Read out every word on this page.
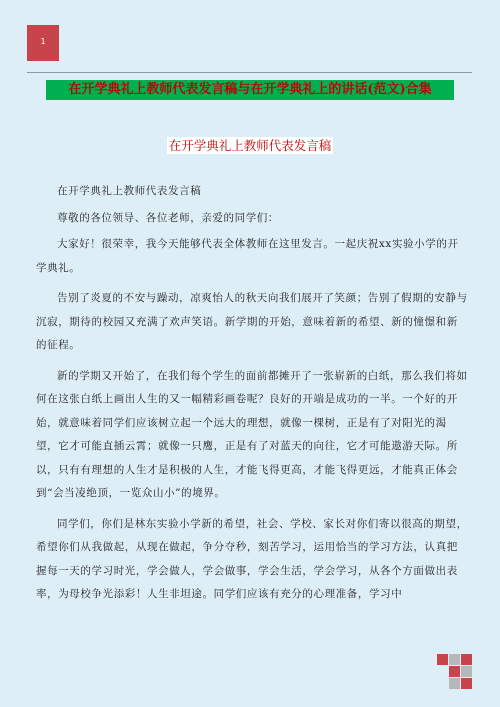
1
在开学典礼上教师代表发言稿与在开学典礼上的讲话(范文)合集
在开学典礼上教师代表发言稿

在开学典礼上教师代表发言稿

尊敬的各位领导、各位老师，亲爱的同学们：

大家好！很荣幸，我今天能够代表全体教师在这里发言。一起庆祝xx实验小学的开学典礼。

告别了炎夏的不安与躁动，凉爽怡人的秋天向我们展开了笑颜；告别了假期的安静与沉寂，期待的校园又充满了欢声笑语。新学期的开始，意味着新的希望、新的憧憬和新的征程。

新的学期又开始了，在我们每个学生的面前都摊开了一张崭新的白纸，那么我们将如何在这张白纸上画出人生的又一幅精彩画卷呢？良好的开端是成功的一半。一个好的开始，就意味着同学们应该树立起一个远大的理想，就像一棵树，正是有了对阳光的渴望，它才可能直插云霄；就像一只鹰，正是有了对蓝天的向往，它才可能遨游天际。所以，只有有理想的人生才是积极的人生，才能飞得更高，才能飞得更远，才能真正体会到“会当凌绝顶，一览众山小”的境界。

同学们，你们是林东实验小学新的希望，社会、学校、家长对你们寄以很高的期望，希望你们从我做起，从现在做起，争分夺秒，刻苦学习，运用恰当的学习方法，认真把握每一天的学习时光，学会做人，学会做事，学会生活，学会学习，从各个方面做出表率，为母校争光添彩！人生非坦途。同学们应该有充分的心理准备，学习中
